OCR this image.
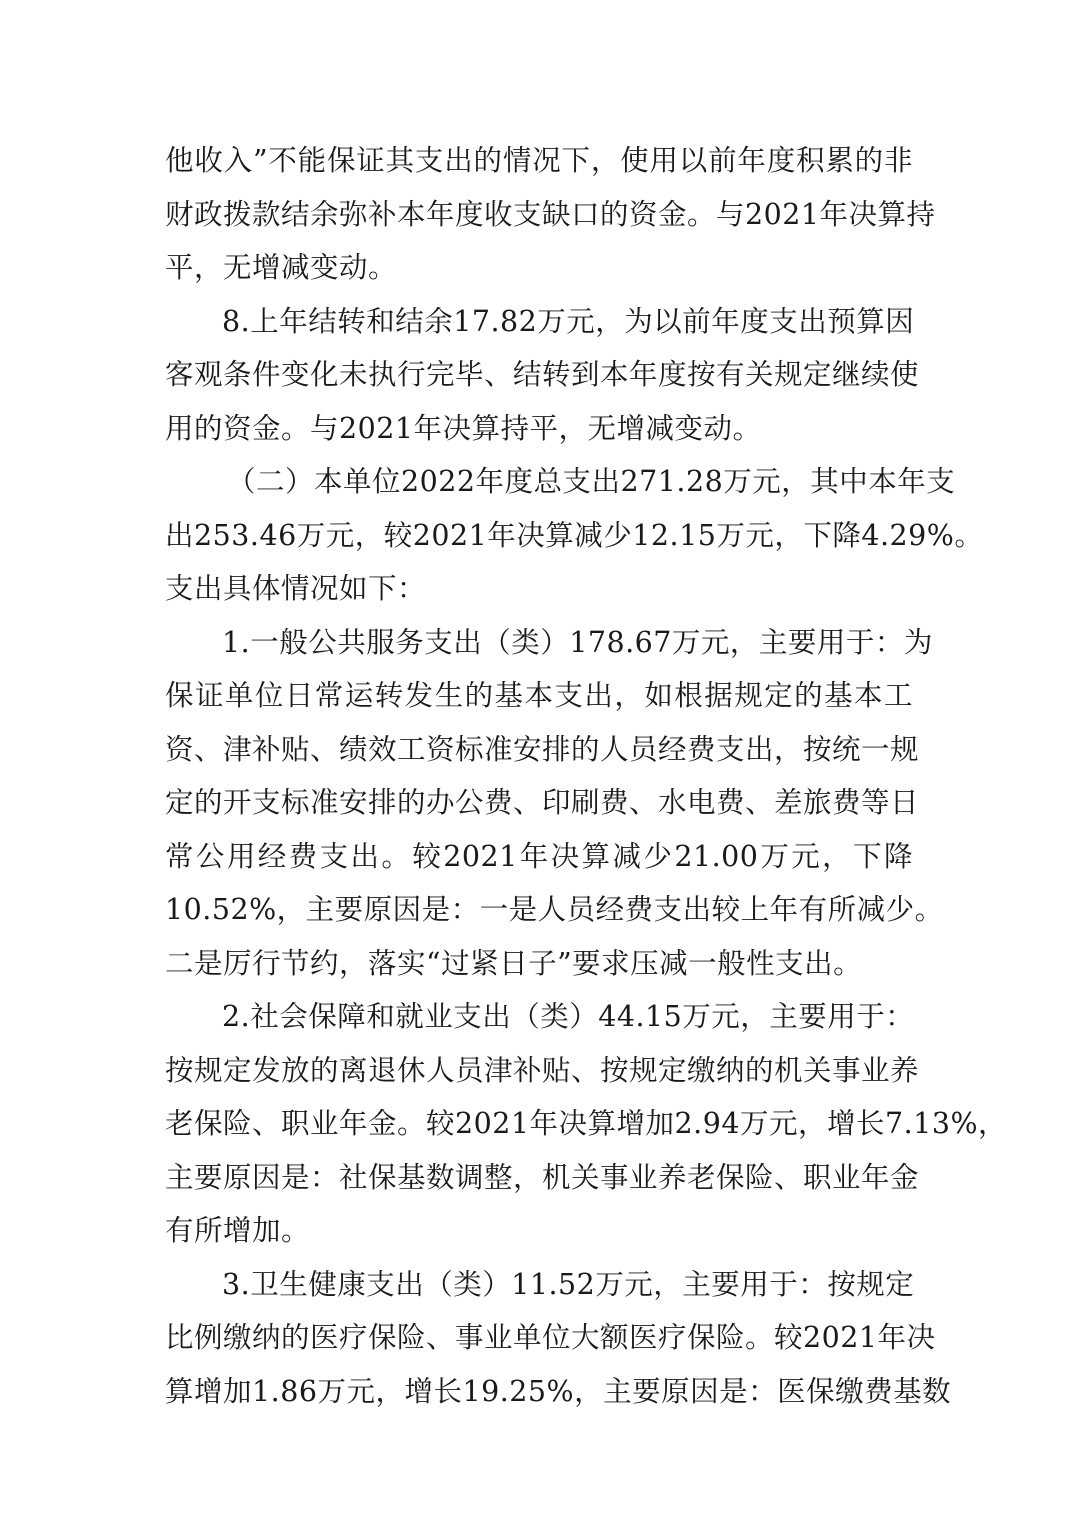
他收入”不能保证其支出的情况下，使用以前年度积累的非
财政拨款结余弥补本年度收支缺口的资金。与2021年决算持
平，无增减变动。
8.上年结转和结余17.82万元，为以前年度支出预算因
客观条件变化未执行完毕、结转到本年度按有关规定继续使
用的资金。与2021年决算持平，无增减变动。
（二）本单位2022年度总支出271.28万元，其中本年支
出253.46万元，较2021年决算减少12.15万元，下降4.29%。
支出具体情况如下：
1.一般公共服务支出（类）178.67万元，主要用于：为
保证单位日常运转发生的基本支出，如根据规定的基本工
资、津补贴、绩效工资标准安排的人员经费支出，按统一规
定的开支标准安排的办公费、印刷费、水电费、差旅费等日
常公用经费支出。较2021年决算减少21.00万元，下降
10.52%，主要原因是：一是人员经费支出较上年有所减少。
二是厉行节约，落实“过紧日子”要求压减一般性支出。
2.社会保障和就业支出（类）44.15万元，主要用于：
按规定发放的离退休人员津补贴、按规定缴纳的机关事业养
老保险、职业年金。较2021年决算增加2.94万元，增长7.13%，
主要原因是：社保基数调整，机关事业养老保险、职业年金
有所增加。
3.卫生健康支出（类）11.52万元，主要用于：按规定
比例缴纳的医疗保险、事业单位大额医疗保险。较2021年决
算增加1.86万元，增长19.25%，主要原因是：医保缴费基数
